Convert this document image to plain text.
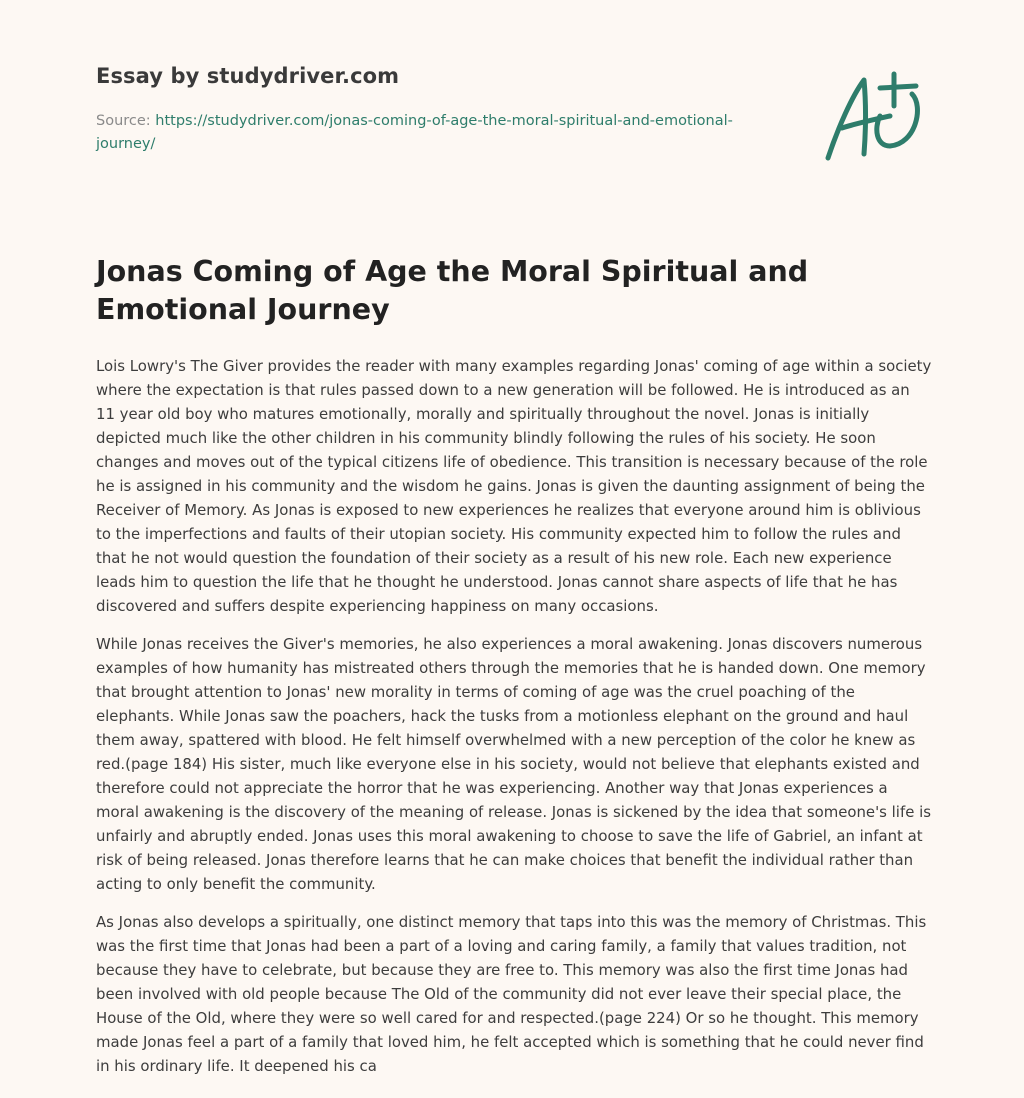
Essay by studydriver.com
Source: https://studydriver.com/jonas-coming-of-age-the-moral-spiritual-and-emotional-journey/
Jonas Coming of Age the Moral Spiritual and Emotional Journey

Lois Lowry's The Giver provides the reader with many examples regarding Jonas' coming of age within a society where the expectation is that rules passed down to a new generation will be followed. He is introduced as an 11 year old boy who matures emotionally, morally and spiritually throughout the novel. Jonas is initially depicted much like the other children in his community blindly following the rules of his society. He soon changes and moves out of the typical citizens life of obedience. This transition is necessary because of the role he is assigned in his community and the wisdom he gains. Jonas is given the daunting assignment of being the Receiver of Memory. As Jonas is exposed to new experiences he realizes that everyone around him is oblivious to the imperfections and faults of their utopian society. His community expected him to follow the rules and that he not would question the foundation of their society as a result of his new role. Each new experience leads him to question the life that he thought he understood. Jonas cannot share aspects of life that he has discovered and suffers despite experiencing happiness on many occasions.

While Jonas receives the Giver's memories, he also experiences a moral awakening. Jonas discovers numerous examples of how humanity has mistreated others through the memories that he is handed down. One memory that brought attention to Jonas' new morality in terms of coming of age was the cruel poaching of the elephants. While Jonas saw the poachers, hack the tusks from a motionless elephant on the ground and haul them away, spattered with blood. He felt himself overwhelmed with a new perception of the color he knew as red.(page 184) His sister, much like everyone else in his society, would not believe that elephants existed and therefore could not appreciate the horror that he was experiencing. Another way that Jonas experiences a moral awakening is the discovery of the meaning of release. Jonas is sickened by the idea that someone's life is unfairly and abruptly ended. Jonas uses this moral awakening to choose to save the life of Gabriel, an infant at risk of being released. Jonas therefore learns that he can make choices that benefit the individual rather than acting to only benefit the community.

As Jonas also develops a spiritually, one distinct memory that taps into this was the memory of Christmas. This was the first time that Jonas had been a part of a loving and caring family, a family that values tradition, not because they have to celebrate, but because they are free to. This memory was also the first time Jonas had been involved with old people because The Old of the community did not ever leave their special place, the House of the Old, where they were so well cared for and respected.(page 224) Or so he thought. This memory made Jonas feel a part of a family that loved him, he felt accepted which is something that he could never find in his ordinary life. It deepened his ca
